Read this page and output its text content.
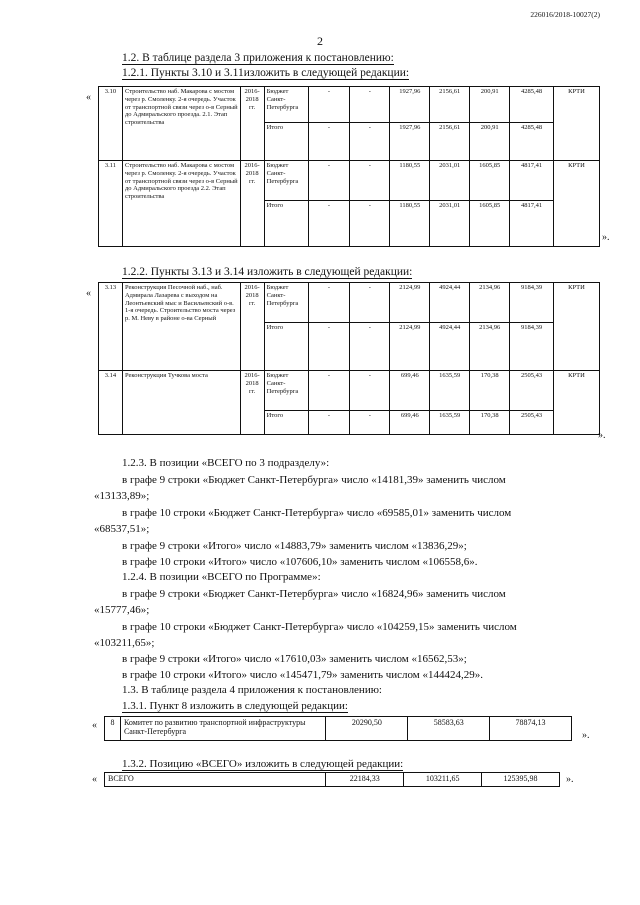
226016/2018-10027(2)
2
1.2. В таблице раздела 3 приложения к постановлению:
1.2.1. Пункты 3.10 и 3.11изложить в следующей редакции:
«
3.10	Строительство наб. Макарова с мостом через р. Смоленку. 2-я очередь. Участок от транспортной связи через о-в Серный до Адмиральского проезда. 2.1. Этап строительства	2016-2018 гг.	Бюджет Санкт-Петербурга	-	-	1927,96	2156,61	200,91	4285,48	КРТИ
			Итого	-	-	1927,96	2156,61	200,91	4285,48	
3.11	Строительство наб. Макарова с мостом через р. Смоленку. 2-я очередь. Участок от транспортной связи через о-в Серный до Адмиральского проезда 2.2. Этап строительства	2016-2018 гг.	Бюджет Санкт-Петербурга	-	-	1180,55	2031,01	1605,85	4817,41	КРТИ
			Итого	-	-	1180,55	2031,01	1605,85	4817,41	
».
1.2.2. Пункты 3.13 и 3.14 изложить в следующей редакции:
«
3.13	Реконструкция Песочной наб., наб. Адмирала Лазарева с выходом на Леонтьевский мыс и Васильевский о-в. 1-я очередь. Строительство моста через р. М. Неву в районе о-ва Серный	2016-2018 гг.	Бюджет Санкт-Петербурга	-	-	2124,99	4924,44	2134,96	9184,39	КРТИ
			Итого	-	-	2124,99	4924,44	2134,96	9184,39	
3.14	Реконструкция Тучкова моста	2016-2018 гг.	Бюджет Санкт-Петербурга	-	-	699,46	1635,59	170,38	2505,43	КРТИ
			Итого	-	-	699,46	1635,59	170,38	2505,43	
».
1.2.3. В позиции «ВСЕГО по 3 подразделу»:
в графе 9 строки «Бюджет Санкт-Петербурга» число «14181,39» заменить числом
«13133,89»;
в графе 10 строки «Бюджет Санкт-Петербурга» число «69585,01» заменить числом
«68537,51»;
в графе 9 строки «Итого» число «14883,79» заменить числом «13836,29»;
в графе 10 строки «Итого» число «107606,10» заменить числом «106558,6».
1.2.4. В позиции «ВСЕГО по Программе»:
в графе 9 строки «Бюджет Санкт-Петербурга» число «16824,96» заменить числом
«15777,46»;
в графе 10 строки «Бюджет Санкт-Петербурга» число «104259,15» заменить числом
«103211,65»;
в графе 9 строки «Итого» число «17610,03» заменить числом «16562,53»;
в графе 10 строки «Итого» число «145471,79» заменить числом «144424,29».
1.3. В таблице раздела 4 приложения к постановлению:
1.3.1. Пункт 8 изложить в следующей редакции:
« 8	Комитет по развитию транспортной инфраструктуры Санкт-Петербурга	20290,50	58583,63	78874,13
».
1.3.2. Позицию «ВСЕГО» изложить в следующей редакции:
« ВСЕГО	22184,33	103211,65	125395,98	».
